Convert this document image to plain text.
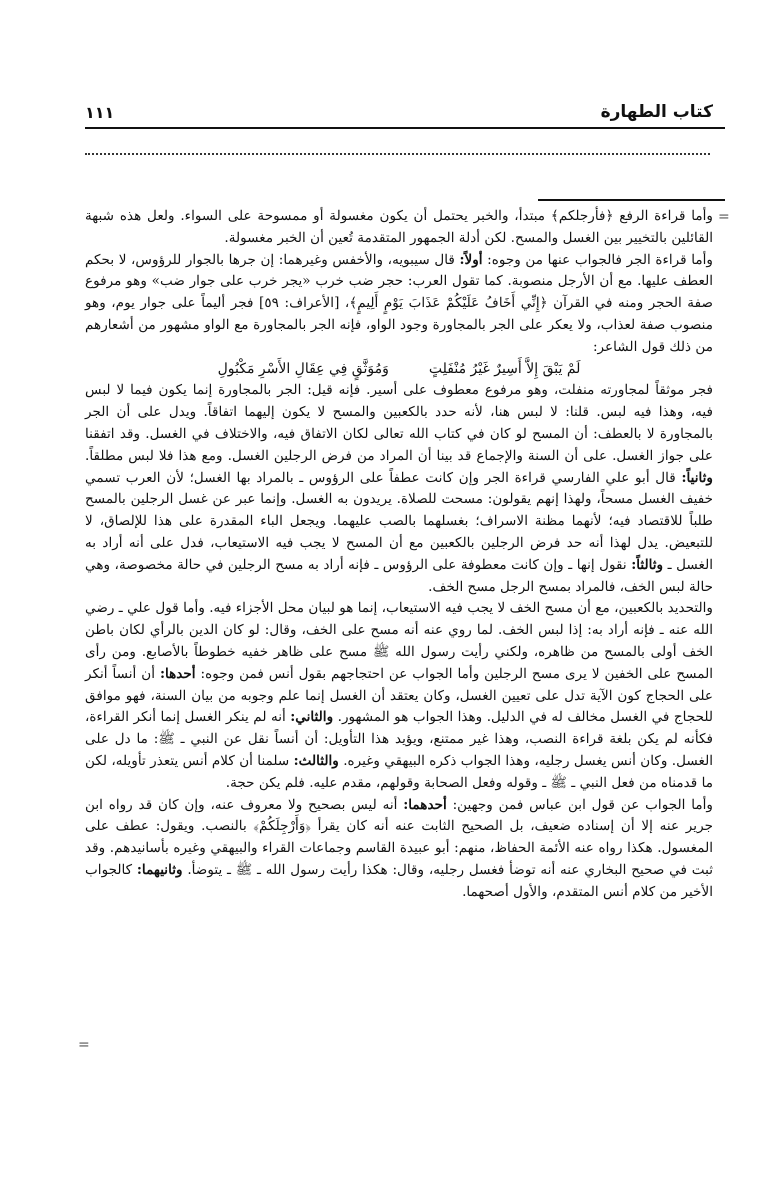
كتاب الطهارة
١١١
=
=

وأما قراءة الرفع ﴿فأرجلكم﴾ مبتدأ، والخبر يحتمل أن يكون مغسولة أو ممسوحة على السواء. ولعل هذه شبهة القائلين بالتخيير بين الغسل والمسح. لكن أدلة الجمهور المتقدمة تُعين أن الخبر مغسولة.

وأما قراءة الجر فالجواب عنها من وجوه: أولاً: قال سيبويه، والأخفس وغيرهما: إن جرها بالجوار للرؤوس، لا بحكم العطف عليها. مع أن الأرجل منصوبة. كما تقول العرب: حجر ضب خرب «يجر خرب على جوار ضب» وهو مرفوع صفة الحجر ومنه في القرآن ﴿إِنِّي أَخَافُ عَلَيْكُمْ عَذَابَ يَوْمٍ أَلِيمٍ﴾، [الأعراف: ٥٩] فجر أليماً على جوار يوم، وهو منصوب صفة لعذاب، ولا يعكر على الجر بالمجاورة وجود الواو، فإنه الجر بالمجاورة مع الواو مشهور من أشعارهم من ذلك قول الشاعر:

لَمْ يَبْقَ إِلاَّ أَسِيرٌ غَيْرُ مُنْفَلِتٍ
وَمُوَثَّقٍ فِي عِقَالِ الأَسْرِ مَكْبُولِ

فجر موثقاً لمجاورته منفلت، وهو مرفوع معطوف على أسير. فإنه قيل: الجر بالمجاورة إنما يكون فيما لا لبس فيه، وهذا فيه لبس. قلنا: لا لبس هنا، لأنه حدد بالكعبين والمسح لا يكون إليهما اتفاقاً. ويدل على أن الجر بالمجاورة لا بالعطف: أن المسح لو كان في كتاب الله تعالى لكان الاتفاق فيه، والاختلاف في الغسل. وقد اتفقنا على جواز الغسل. على أن السنة والإجماع قد بينا أن المراد من فرض الرجلين الغسل. ومع هذا فلا لبس مطلقاً. وثانياً: قال أبو علي الفارسي قراءة الجر وإن كانت عطفاً على الرؤوس ـ بالمراد بها الغسل؛ لأن العرب تسمي خفيف الغسل مسحاً، ولهذا إنهم يقولون: مسحت للصلاة. يريدون به الغسل. وإنما عبر عن غسل الرجلين بالمسح طلباً للاقتصاد فيه؛ لأنهما مظنة الاسراف؛ بغسلهما بالصب عليهما. ويجعل الباء المقدرة على هذا للإلصاق، لا للتبعيض. يدل لهذا أنه حد فرض الرجلين بالكعبين مع أن المسح لا يجب فيه الاستيعاب، فدل على أنه أراد به الغسل ـ وثالثاً: نقول إنها ـ وإن كانت معطوفة على الرؤوس ـ فإنه أراد به مسح الرجلين في حالة مخصوصة، وهي حالة لبس الخف، فالمراد بمسح الرجل مسح الخف.

والتحديد بالكعبين، مع أن مسح الخف لا يجب فيه الاستيعاب، إنما هو لبيان محل الأجزاء فيه. وأما قول علي ـ رضي الله عنه ـ فإنه أراد به: إذا لبس الخف. لما روي عنه أنه مسح على الخف، وقال: لو كان الدين بالرأي لكان باطن الخف أولى بالمسح من ظاهره، ولكني رأيت رسول الله ﷺ مسح على ظاهر خفيه خطوطاً بالأصابع. ومن رأى المسح على الخفين لا يرى مسح الرجلين وأما الجواب عن احتجاجهم بقول أنس فمن وجوه: أحدها: أن أنساً أنكر على الحجاج كون الآية تدل على تعيين الغسل، وكان يعتقد أن الغسل إنما علم وجوبه من بيان السنة، فهو موافق للحجاج في الغسل مخالف له في الدليل. وهذا الجواب هو المشهور. والثاني: أنه لم ينكر الغسل إنما أنكر القراءة، فكأنه لم يكن بلغة قراءة النصب، وهذا غير ممتنع، ويؤيد هذا التأويل: أن أنساً نقل عن النبي ـ ﷺ: ما دل على الغسل. وكان أنس يغسل رجليه، وهذا الجواب ذكره البيهقي وغيره. والثالث: سلمنا أن كلام أنس يتعذر تأويله، لكن ما قدمناه من فعل النبي ـ ﷺ ـ وقوله وفعل الصحابة وقولهم، مقدم عليه. فلم يكن حجة.

وأما الجواب عن قول ابن عباس فمن وجهين: أحدهما: أنه ليس بصحيح ولا معروف عنه، وإن كان قد رواه ابن جرير عنه إلا أن إسناده ضعيف، بل الصحيح الثابت عنه أنه كان يقرأ ﴿وَأَرْجِلَكُمْ﴾ بالنصب. ويقول: عطف على المغسول. هكذا رواه عنه الأئمة الحفاظ، منهم: أبو عبيدة القاسم وجماعات القراء والبيهقي وغيره بأسانيدهم. وقد ثبت في صحيح البخاري عنه أنه توضأ فغسل رجليه، وقال: هكذا رأيت رسول الله ـ ﷺ ـ يتوضأ. وثانيهما: كالجواب الأخير من كلام أنس المتقدم، والأول أصحهما.
